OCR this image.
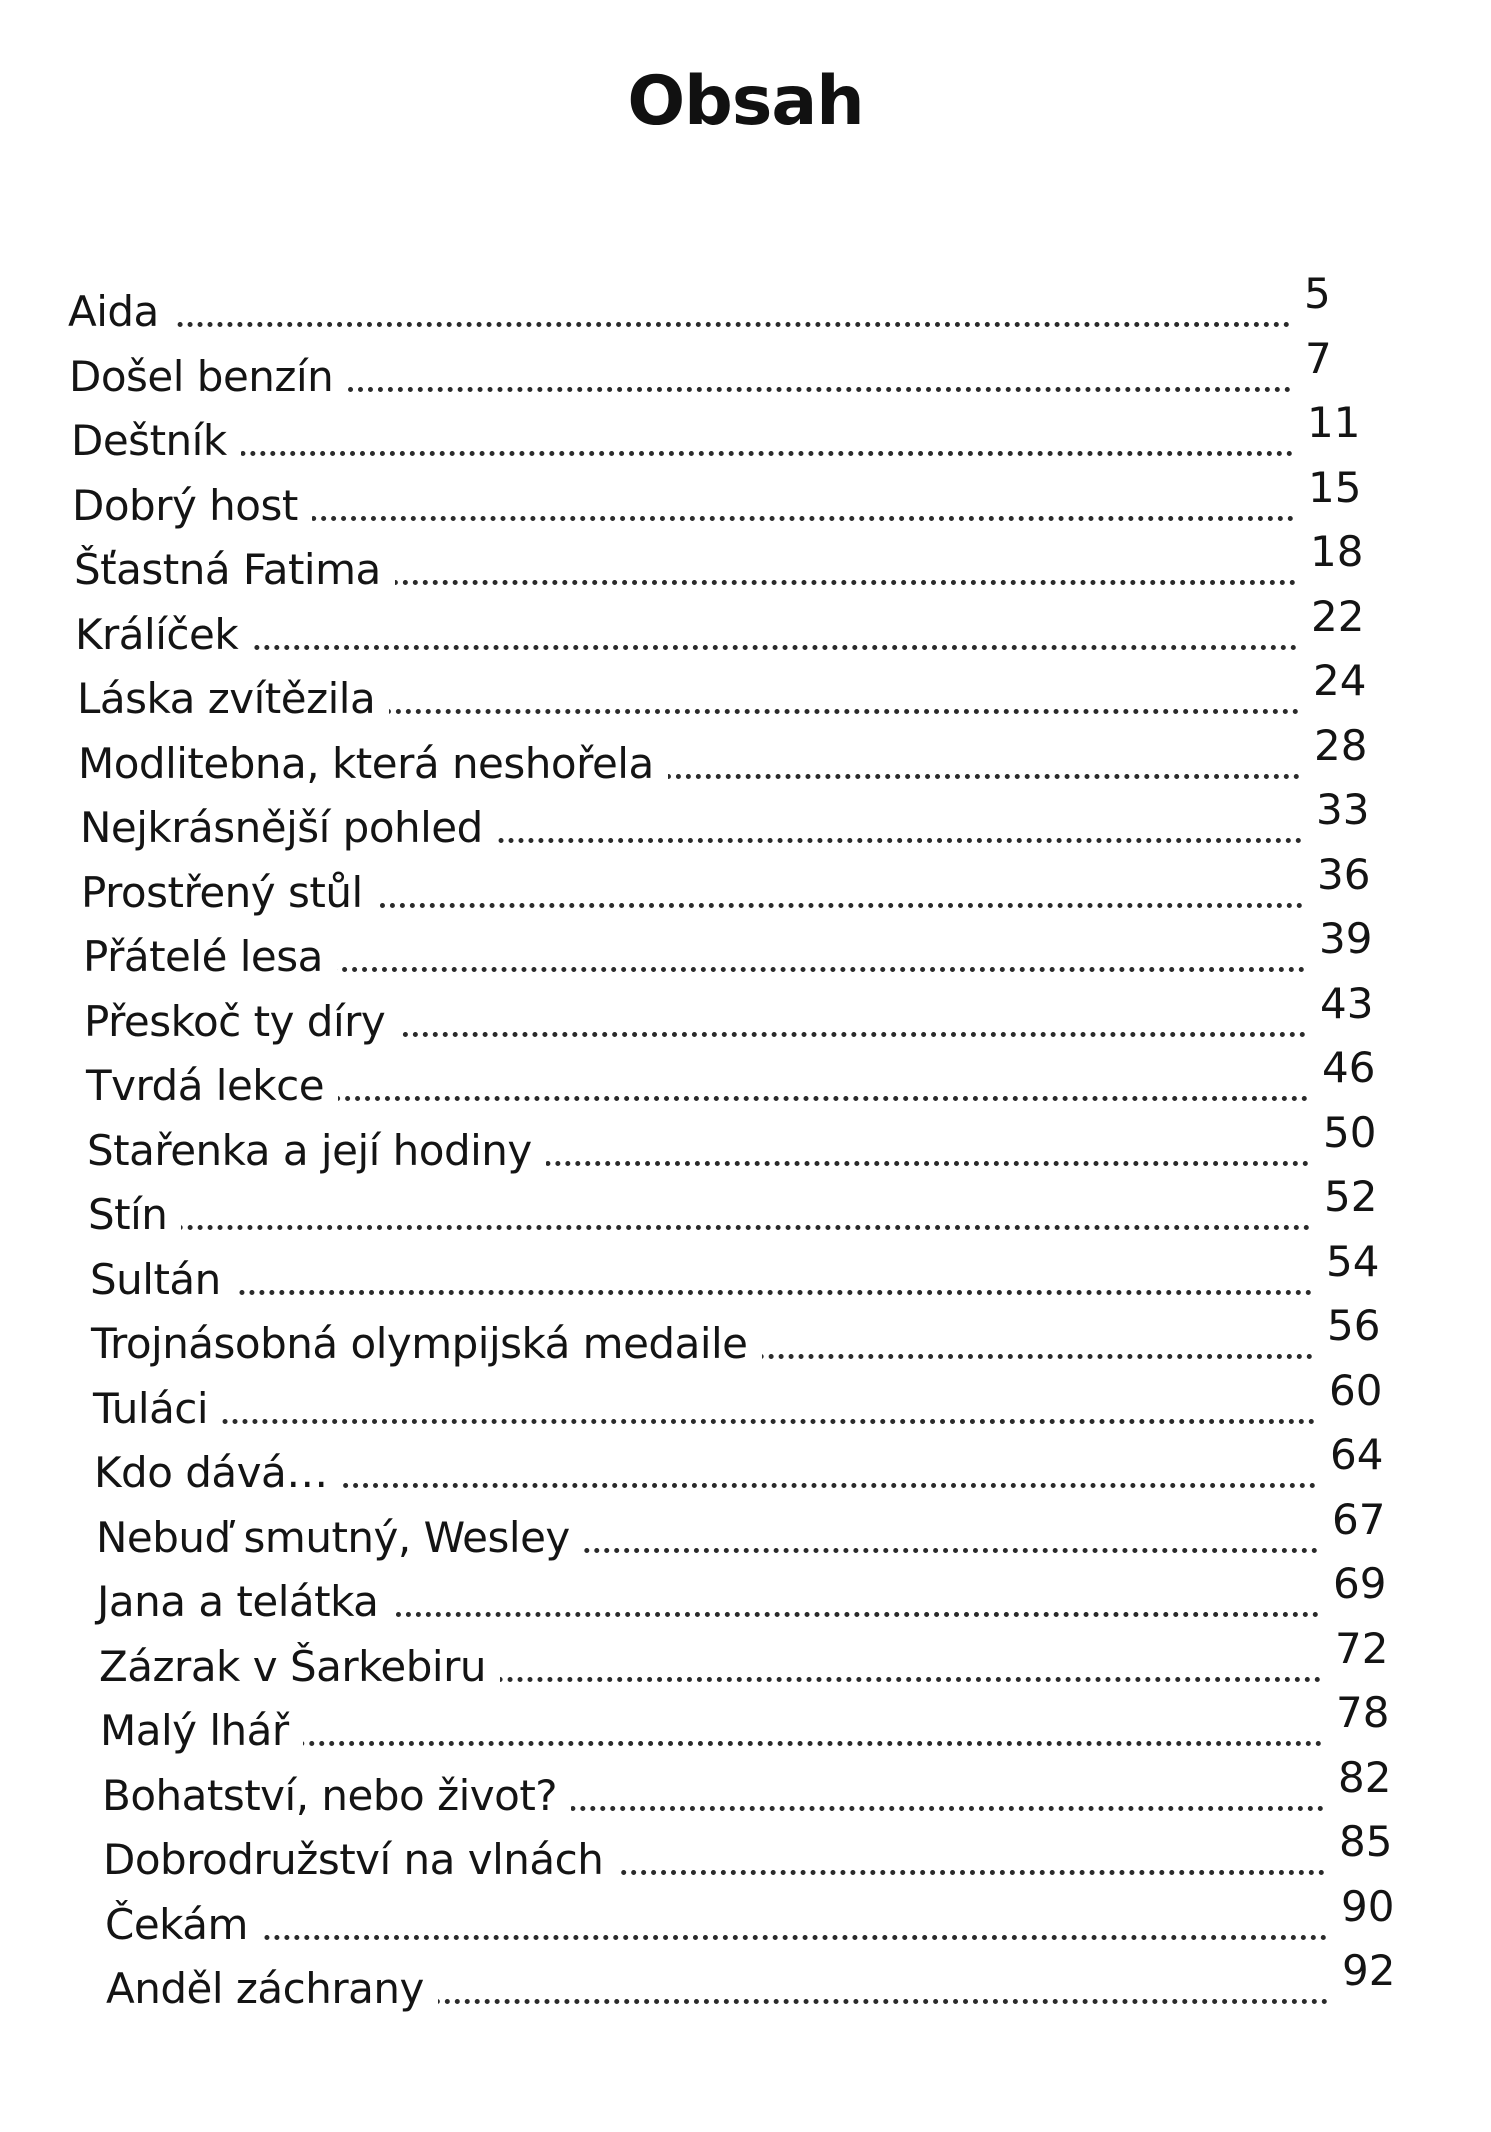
Obsah
Aida	5
Došel benzín	7
Deštník	11
Dobrý host	15
Šťastná Fatima	18
Králíček	22
Láska zvítězila	24
Modlitebna, která neshořela	28
Nejkrásnější pohled	33
Prostřený stůl	36
Přátelé lesa	39
Přeskoč ty díry	43
Tvrdá lekce	46
Stařenka a její hodiny	50
Stín	52
Sultán	54
Trojnásobná olympijská medaile	56
Tuláci	60
Kdo dává…	64
Nebuď smutný, Wesley	67
Jana a telátka	69
Zázrak v Šarkebiru	72
Malý lhář	78
Bohatství, nebo život?	82
Dobrodružství na vlnách	85
Čekám	90
Anděl záchrany	92
